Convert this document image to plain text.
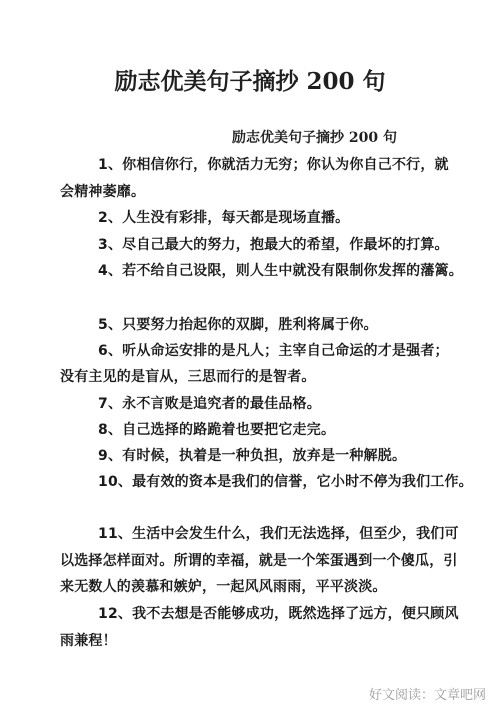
励志优美句子摘抄 200 句
励志优美句子摘抄 200 句
1、你相信你行，你就活力无穷；你认为你自己不行，就
会精神萎靡。
2、人生没有彩排，每天都是现场直播。
3、尽自己最大的努力，抱最大的希望，作最坏的打算。
4、若不给自己设限，则人生中就没有限制你发挥的藩篱。
5、只要努力抬起你的双脚，胜利将属于你。
6、听从命运安排的是凡人；主宰自己命运的才是强者；
没有主见的是盲从，三思而行的是智者。
7、永不言败是追究者的最佳品格。
8、自己选择的路跪着也要把它走完。
9、有时候，执着是一种负担，放弃是一种解脱。
10、最有效的资本是我们的信誉，它小时不停为我们工作。
11、生活中会发生什么，我们无法选择，但至少，我们可
以选择怎样面对。所谓的幸福，就是一个笨蛋遇到一个傻瓜，引
来无数人的羡慕和嫉妒，一起风风雨雨，平平淡淡。
12、我不去想是否能够成功，既然选择了远方，便只顾风
雨兼程！
好文阅读：文章吧网
